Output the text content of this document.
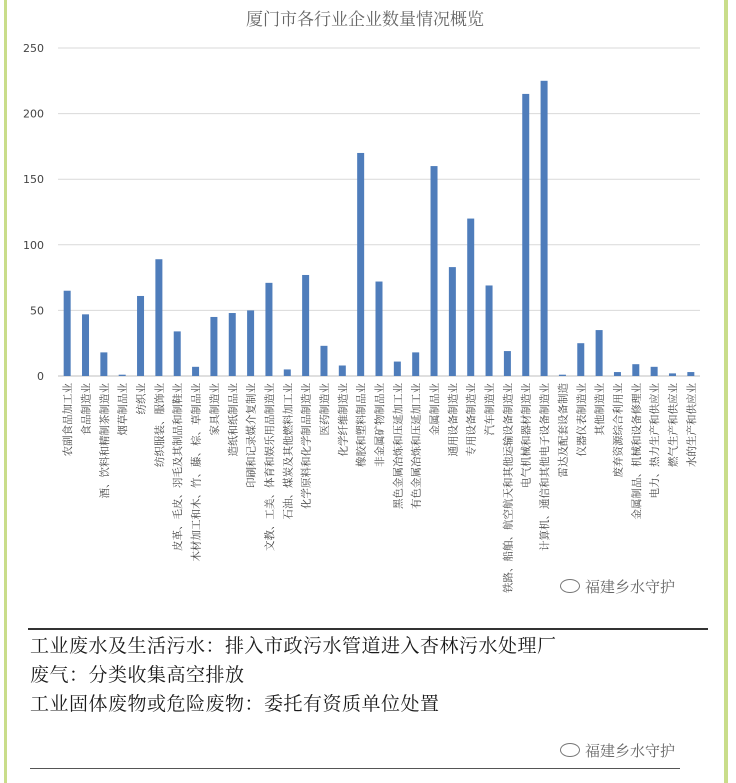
厦门市各行业企业数量情况概览
0
50
100
150
200
250
农副食品加工业 食品制造业 酒、饮料和精制茶制造业 烟草制品业 纺织业 纺织服装、服饰业 皮革、毛皮、羽毛及其制品和制鞋业 木材加工和木、竹、藤、棕、草制品业 家具制造业 造纸和纸制品业 印刷和记录媒介复制业 文教、工美、体育和娱乐用品制造业 石油、煤炭及其他燃料加工业 化学原料和化学制品制造业 医药制造业 化学纤维制造业 橡胶和塑料制品业 非金属矿物制品业 黑色金属冶炼和压延加工业 有色金属冶炼和压延加工业 金属制品业 通用设备制造业 专用设备制造业 汽车制造业 铁路、船舶、航空航天和其他运输设备制造业 电气机械和器材制造业 计算机、通信和其他电子设备制造业 雷达及配套设备制造 仪器仪表制造业 其他制造业 废弃资源综合利用业 金属制品、机械和设备修理业 电力、热力生产和供应业 燃气生产和供应业 水的生产和供应业
福建乡水守护
工业废水及生活污水：排入市政污水管道进入杏林污水处理厂
废气：分类收集高空排放
工业固体废物或危险废物：委托有资质单位处置
福建乡水守护
